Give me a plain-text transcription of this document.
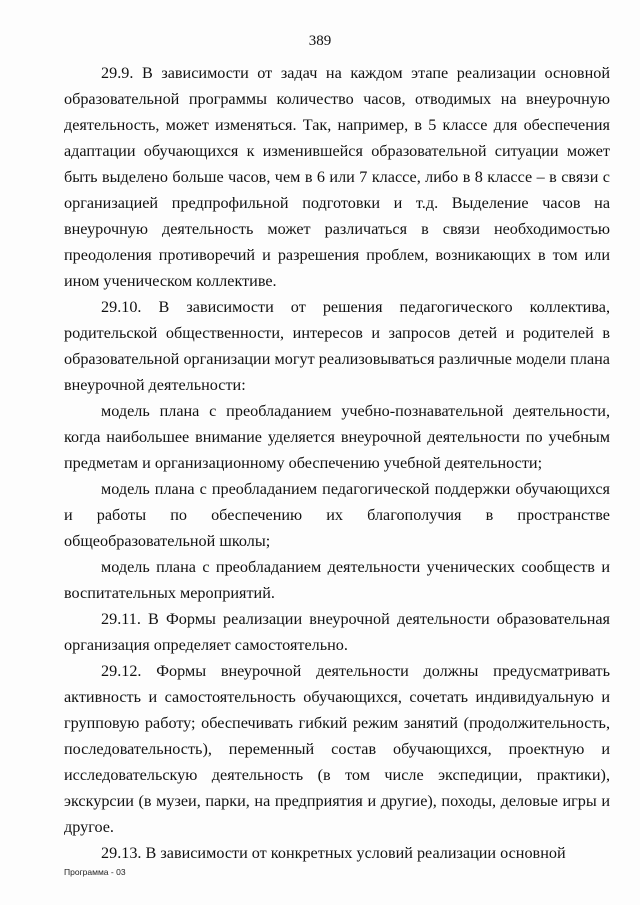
389

29.9. В зависимости от задач на каждом этапе реализации основной образовательной программы количество часов, отводимых на внеурочную деятельность, может изменяться. Так, например, в 5 классе для обеспечения адаптации обучающихся к изменившейся образовательной ситуации может быть выделено больше часов, чем в 6 или 7 классе, либо в 8 классе – в связи с организацией предпрофильной подготовки и т.д. Выделение часов на внеурочную деятельность может различаться в связи необходимостью преодоления противоречий и разрешения проблем, возникающих в том или ином ученическом коллективе.

29.10. В зависимости от решения педагогического коллектива, родительской общественности, интересов и запросов детей и родителей в образовательной организации могут реализовываться различные модели плана внеурочной деятельности:

модель плана с преобладанием учебно-познавательной деятельности, когда наибольшее внимание уделяется внеурочной деятельности по учебным предметам и организационному обеспечению учебной деятельности;

модель плана с преобладанием педагогической поддержки обучающихся и работы по обеспечению их благополучия в пространстве общеобразовательной школы;

модель плана с преобладанием деятельности ученических сообществ и воспитательных мероприятий.

29.11. В Формы реализации внеурочной деятельности образовательная организация определяет самостоятельно.

29.12. Формы внеурочной деятельности должны предусматривать активность и самостоятельность обучающихся, сочетать индивидуальную и групповую работу; обеспечивать гибкий режим занятий (продолжительность, последовательность), переменный состав обучающихся, проектную и исследовательскую деятельность (в том числе экспедиции, практики), экскурсии (в музеи, парки, на предприятия и другие), походы, деловые игры и другое.

29.13. В зависимости от конкретных условий реализации основной

Программа - 03
